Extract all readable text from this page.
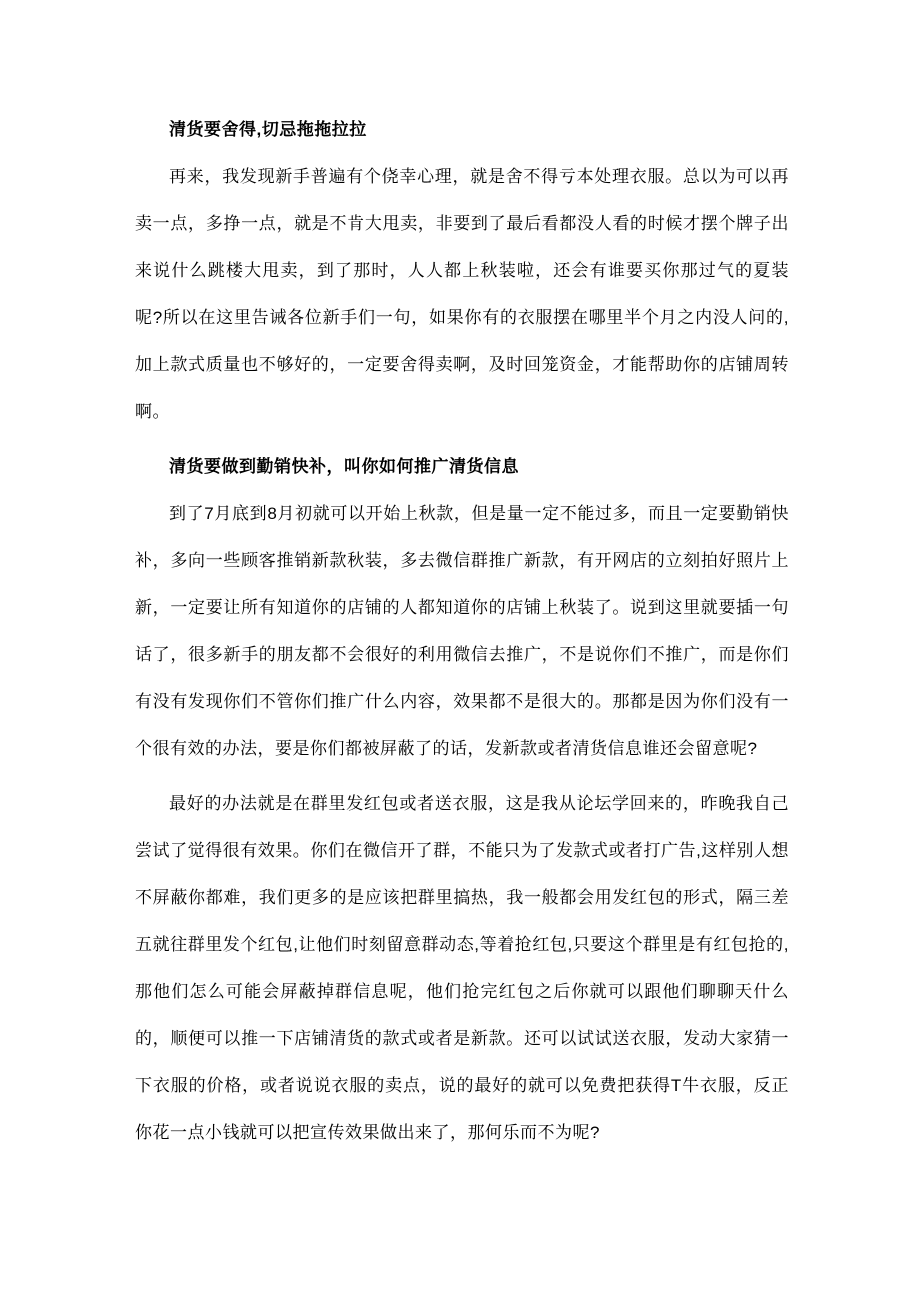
清货要舍得,切忌拖拖拉拉

再来，我发现新手普遍有个侥幸心理，就是舍不得亏本处理衣服。总以为可以再卖一点，多挣一点，就是不肯大甩卖，非要到了最后看都没人看的时候才摆个牌子出来说什么跳楼大甩卖，到了那时，人人都上秋装啦，还会有谁要买你那过气的夏装呢?所以在这里告诫各位新手们一句，如果你有的衣服摆在哪里半个月之内没人问的,加上款式质量也不够好的，一定要舍得卖啊，及时回笼资金，才能帮助你的店铺周转啊。

清货要做到勤销快补，叫你如何推广清货信息

到了7月底到8月初就可以开始上秋款，但是量一定不能过多，而且一定要勤销快补，多向一些顾客推销新款秋装，多去微信群推广新款，有开网店的立刻拍好照片上新，一定要让所有知道你的店铺的人都知道你的店铺上秋装了。说到这里就要插一句话了，很多新手的朋友都不会很好的利用微信去推广，不是说你们不推广，而是你们有没有发现你们不管你们推广什么内容，效果都不是很大的。那都是因为你们没有一个很有效的办法，要是你们都被屏蔽了的话，发新款或者清货信息谁还会留意呢?

最好的办法就是在群里发红包或者送衣服，这是我从论坛学回来的，昨晚我自己尝试了觉得很有效果。你们在微信开了群，不能只为了发款式或者打广告,这样别人想不屏蔽你都难，我们更多的是应该把群里搞热，我一般都会用发红包的形式，隔三差五就往群里发个红包,让他们时刻留意群动态,等着抢红包,只要这个群里是有红包抢的,那他们怎么可能会屏蔽掉群信息呢，他们抢完红包之后你就可以跟他们聊聊天什么的，顺便可以推一下店铺清货的款式或者是新款。还可以试试送衣服，发动大家猜一下衣服的价格，或者说说衣服的卖点，说的最好的就可以免费把获得T牛衣服，反正你花一点小钱就可以把宣传效果做出来了，那何乐而不为呢?
